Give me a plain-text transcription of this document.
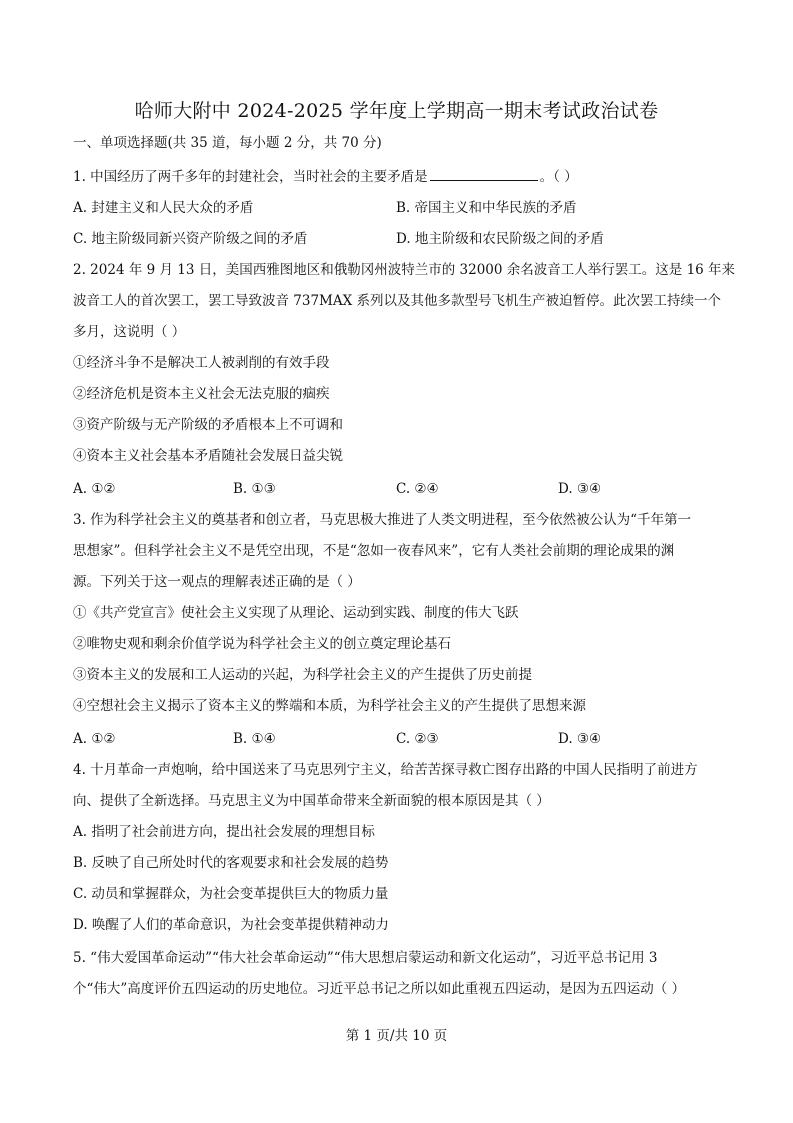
哈师大附中 2024-2025 学年度上学期高一期末考试政治试卷
一、单项选择题(共 35 道，每小题 2 分，共 70 分)
1. 中国经历了两千多年的封建社会，当时社会的主要矛盾是	。（ ）
A. 封建主义和人民大众的矛盾	B. 帝国主义和中华民族的矛盾
C. 地主阶级同新兴资产阶级之间的矛盾	D. 地主阶级和农民阶级之间的矛盾
2. 2024 年 9 月 13 日，美国西雅图地区和俄勒冈州波特兰市的 32000 余名波音工人举行罢工。这是 16 年来
波音工人的首次罢工，罢工导致波音 737MAX 系列以及其他多款型号飞机生产被迫暂停。此次罢工持续一个
多月，这说明（ ）
①经济斗争不是解决工人被剥削的有效手段
②经济危机是资本主义社会无法克服的痼疾
③资产阶级与无产阶级的矛盾根本上不可调和
④资本主义社会基本矛盾随社会发展日益尖锐
A. ①②	B. ①③	C. ②④	D. ③④
3. 作为科学社会主义的奠基者和创立者，马克思极大推进了人类文明进程，至今依然被公认为“千年第一
思想家”。但科学社会主义不是凭空出现，不是“忽如一夜春风来”，它有人类社会前期的理论成果的渊
源。下列关于这一观点的理解表述正确的是（ ）
①《共产党宣言》使社会主义实现了从理论、运动到实践、制度的伟大飞跃
②唯物史观和剩余价值学说为科学社会主义的创立奠定理论基石
③资本主义的发展和工人运动的兴起，为科学社会主义的产生提供了历史前提
④空想社会主义揭示了资本主义的弊端和本质，为科学社会主义的产生提供了思想来源
A. ①②	B. ①④	C. ②③	D. ③④
4. 十月革命一声炮响，给中国送来了马克思列宁主义，给苦苦探寻救亡图存出路的中国人民指明了前进方
向、提供了全新选择。马克思主义为中国革命带来全新面貌的根本原因是其（ ）
A. 指明了社会前进方向，提出社会发展的理想目标
B. 反映了自己所处时代的客观要求和社会发展的趋势
C. 动员和掌握群众，为社会变革提供巨大的物质力量
D. 唤醒了人们的革命意识，为社会变革提供精神动力
5. “伟大爱国革命运动”“伟大社会革命运动”“伟大思想启蒙运动和新文化运动”，习近平总书记用 3
个“伟大”高度评价五四运动的历史地位。习近平总书记之所以如此重视五四运动，是因为五四运动（ ）
第 1 页/共 10 页
